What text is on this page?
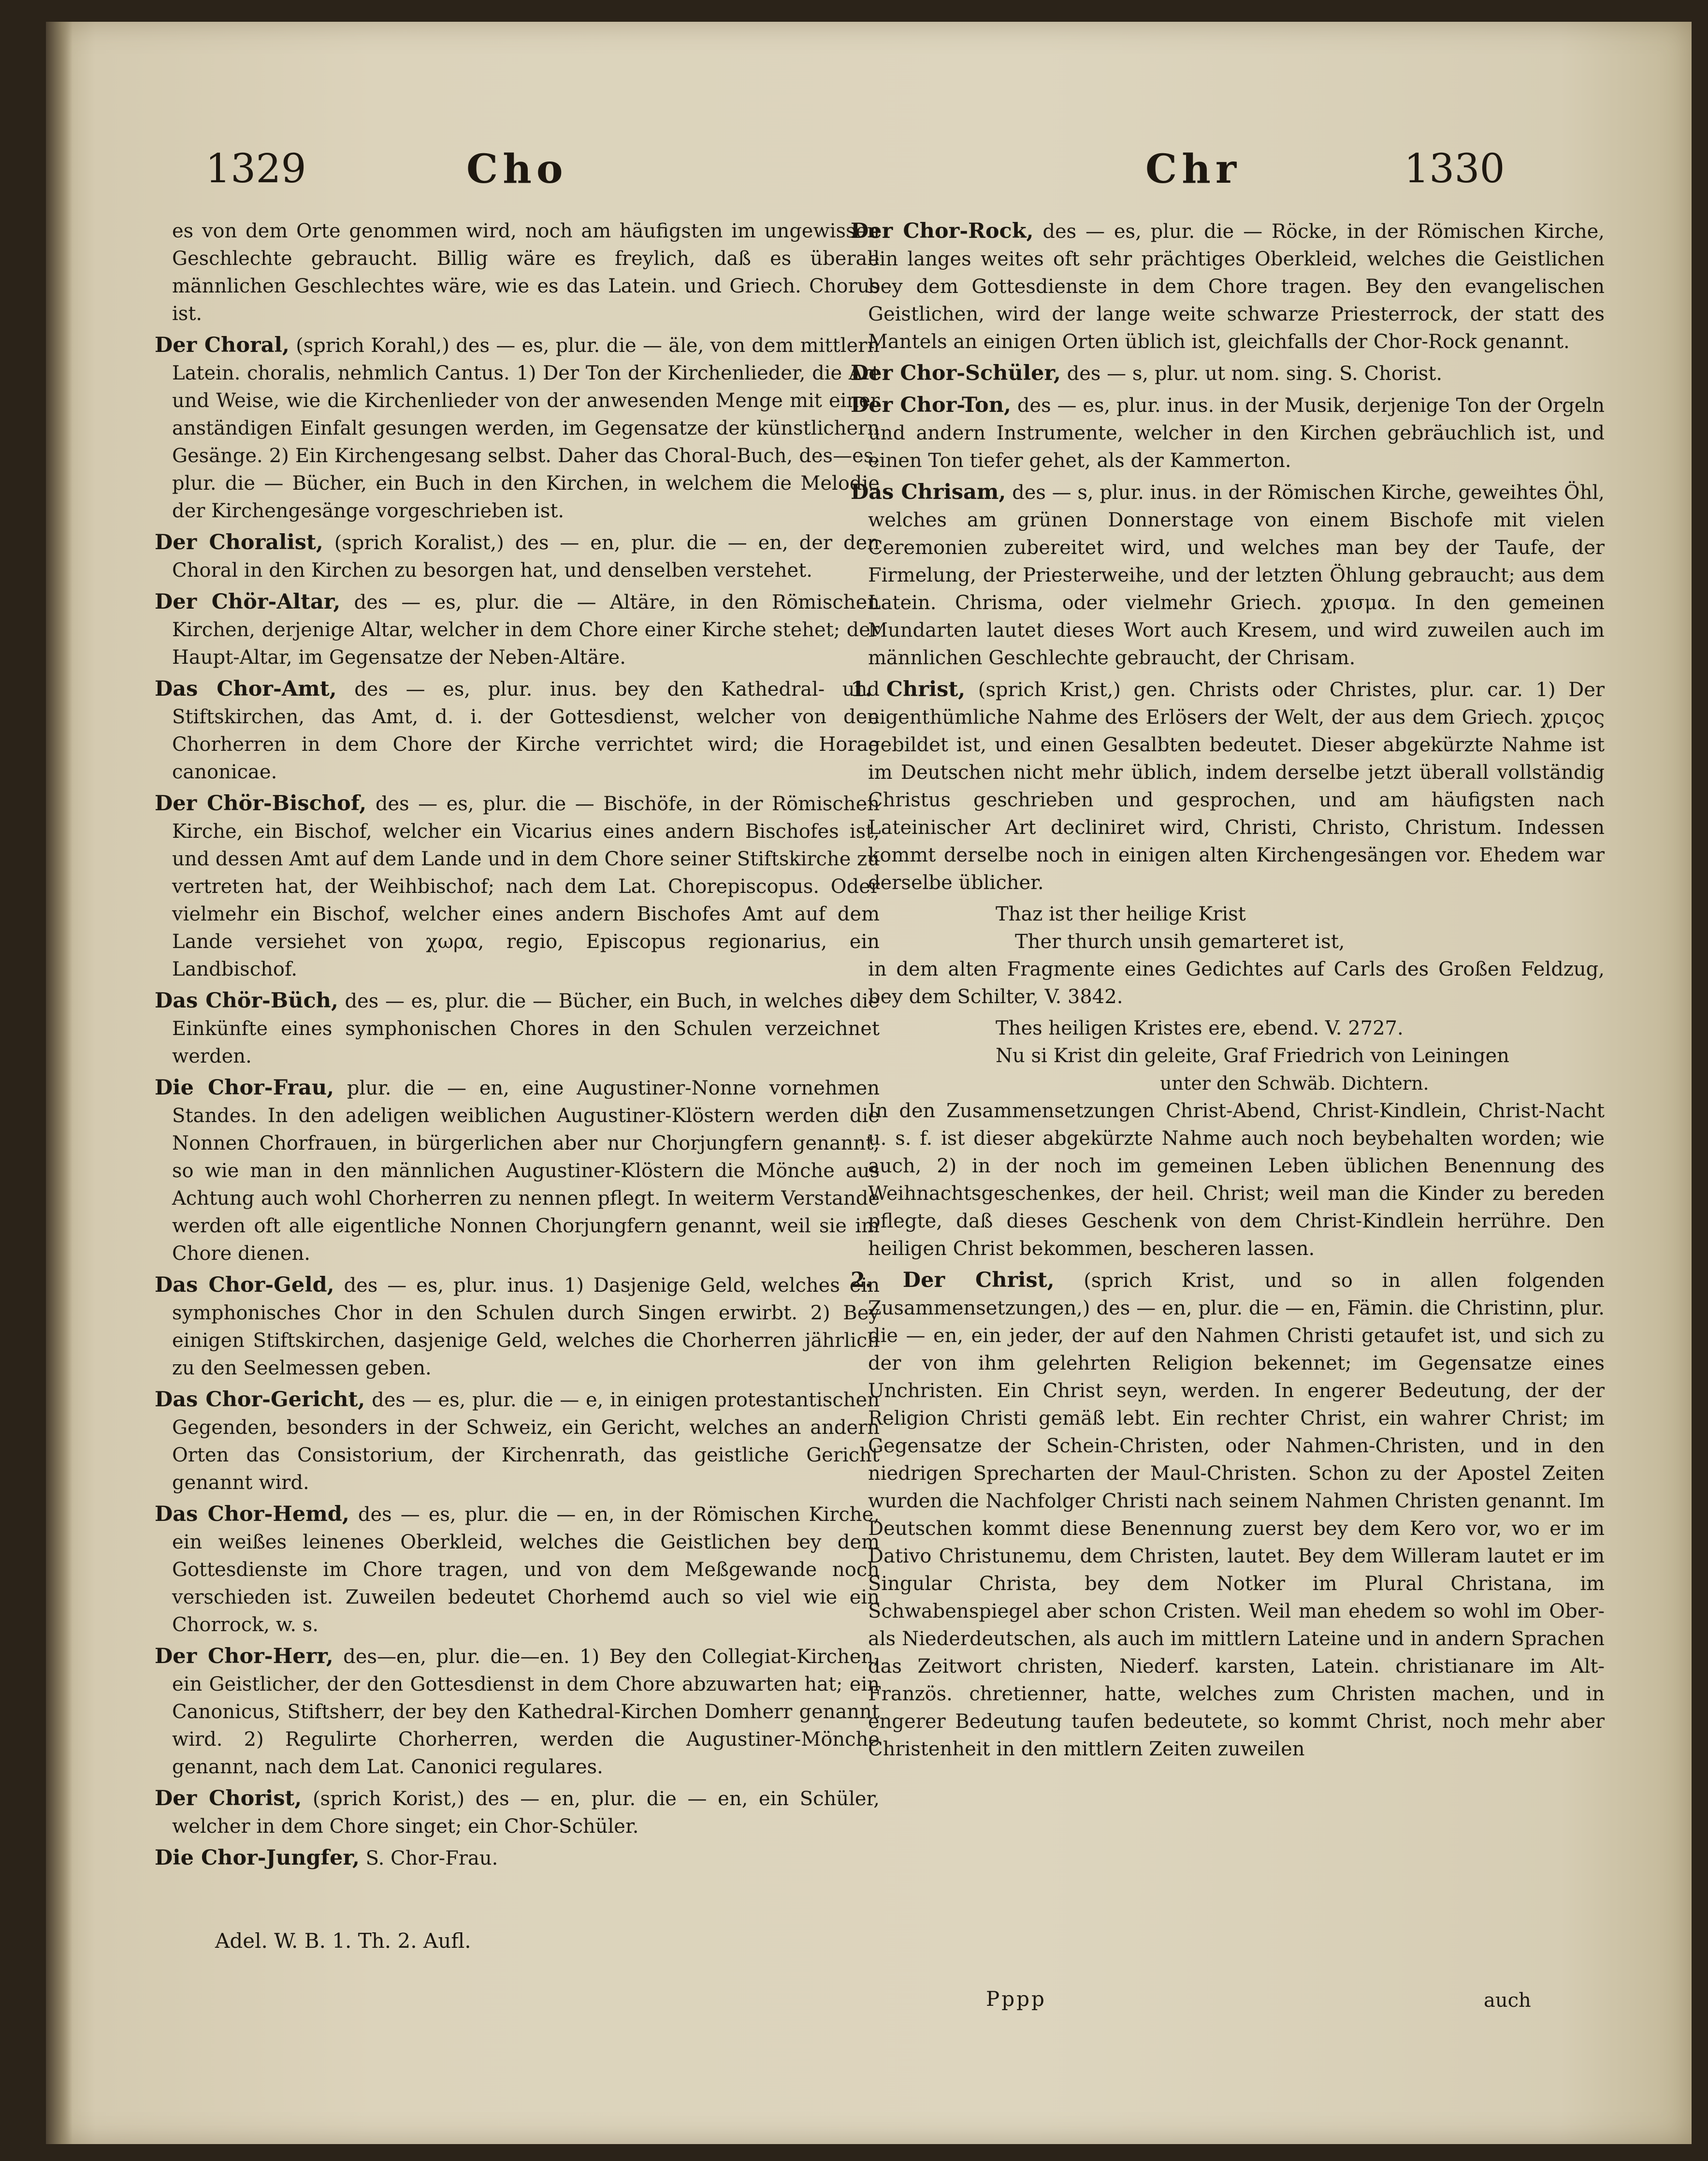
1329	Cho	Chr	1330

es von dem Orte genommen wird, noch am häufigsten im ungewissen Geschlechte gebraucht. Billig wäre es freylich, daß es überall männlichen Geschlechtes wäre, wie es das Latein. und Griech. Chorus ist.

Der Choral, (sprich Korahl,) des — es, plur. die — äle, von dem mittlern Latein. choralis, nehmlich Cantus. 1) Der Ton der Kirchenlieder, die Art und Weise, wie die Kirchenlieder von der anwesenden Menge mit einer anständigen Einfalt gesungen werden, im Gegensatze der künstlichern Gesänge. 2) Ein Kirchengesang selbst. Daher das Choral-Buch, des—es, plur. die — Bücher, ein Buch in den Kirchen, in welchem die Melodie der Kirchengesänge vorgeschrieben ist.

Der Choralist, (sprich Koralist,) des — en, plur. die — en, der den Choral in den Kirchen zu besorgen hat, und denselben verstehet.

Der Chör-Altar, des — es, plur. die — Altäre, in den Römischen Kirchen, derjenige Altar, welcher in dem Chore einer Kirche stehet; der Haupt-Altar, im Gegensatze der Neben-Altäre.

Das Chor-Amt, des — es, plur. inus. bey den Kathedral- und Stiftskirchen, das Amt, d. i. der Gottesdienst, welcher von den Chorherren in dem Chore der Kirche verrichtet wird; die Horae canonicae.

Der Chör-Bischof, des — es, plur. die — Bischöfe, in der Römischen Kirche, ein Bischof, welcher ein Vicarius eines andern Bischofes ist, und dessen Amt auf dem Lande und in dem Chore seiner Stiftskirche zu vertreten hat, der Weihbischof; nach dem Lat. Chorepiscopus. Oder vielmehr ein Bischof, welcher eines andern Bischofes Amt auf dem Lande versiehet von χωρα, regio, Episcopus regionarius, ein Landbischof.

Das Chör-Büch, des — es, plur. die — Bücher, ein Buch, in welches die Einkünfte eines symphonischen Chores in den Schulen verzeichnet werden.

Die Chor-Frau, plur. die — en, eine Augustiner-Nonne vornehmen Standes. In den adeligen weiblichen Augustiner-Klöstern werden die Nonnen Chorfrauen, in bürgerlichen aber nur Chorjungfern genannt, so wie man in den männlichen Augustiner-Klöstern die Mönche aus Achtung auch wohl Chorherren zu nennen pflegt. In weiterm Verstande werden oft alle eigentliche Nonnen Chorjungfern genannt, weil sie im Chore dienen.

Das Chor-Geld, des — es, plur. inus. 1) Dasjenige Geld, welches ein symphonisches Chor in den Schulen durch Singen erwirbt. 2) Bey einigen Stiftskirchen, dasjenige Geld, welches die Chorherren jährlich zu den Seelmessen geben.

Das Chor-Gericht, des — es, plur. die — e, in einigen protestantischen Gegenden, besonders in der Schweiz, ein Gericht, welches an andern Orten das Consistorium, der Kirchenrath, das geistliche Gericht genannt wird.

Das Chor-Hemd, des — es, plur. die — en, in der Römischen Kirche, ein weißes leinenes Oberkleid, welches die Geistlichen bey dem Gottesdienste im Chore tragen, und von dem Meßgewande noch verschieden ist. Zuweilen bedeutet Chorhemd auch so viel wie ein Chorrock, w. s.

Der Chor-Herr, des—en, plur. die—en. 1) Bey den Collegiat-Kirchen, ein Geistlicher, der den Gottesdienst in dem Chore abzuwarten hat; ein Canonicus, Stiftsherr, der bey den Kathedral-Kirchen Domherr genannt wird. 2) Regulirte Chorherren, werden die Augustiner-Mönche genannt, nach dem Lat. Canonici regulares.

Der Chorist, (sprich Korist,) des — en, plur. die — en, ein Schüler, welcher in dem Chore singet; ein Chor-Schüler.

Die Chor-Jungfer, S. Chor-Frau.

Der Chor-Rock, des — es, plur. die — Röcke, in der Römischen Kirche, ein langes weites oft sehr prächtiges Oberkleid, welches die Geistlichen bey dem Gottesdienste in dem Chore tragen. Bey den evangelischen Geistlichen, wird der lange weite schwarze Priesterrock, der statt des Mantels an einigen Orten üblich ist, gleichfalls der Chor-Rock genannt.

Der Chor-Schüler, des — s, plur. ut nom. sing. S. Chorist.

Der Chor-Ton, des — es, plur. inus. in der Musik, derjenige Ton der Orgeln und andern Instrumente, welcher in den Kirchen gebräuchlich ist, und einen Ton tiefer gehet, als der Kammerton.

Das Chrisam, des — s, plur. inus. in der Römischen Kirche, geweihtes Öhl, welches am grünen Donnerstage von einem Bischofe mit vielen Ceremonien zubereitet wird, und welches man bey der Taufe, der Firmelung, der Priesterweihe, und der letzten Öhlung gebraucht; aus dem Latein. Chrisma, oder vielmehr Griech. χρισμα. In den gemeinen Mundarten lautet dieses Wort auch Kresem, und wird zuweilen auch im männlichen Geschlechte gebraucht, der Chrisam.

1. Christ, (sprich Krist,) gen. Christs oder Christes, plur. car. 1) Der eigenthümliche Nahme des Erlösers der Welt, der aus dem Griech. χριςος gebildet ist, und einen Gesalbten bedeutet. Dieser abgekürzte Nahme ist im Deutschen nicht mehr üblich, indem derselbe jetzt überall vollständig Christus geschrieben und gesprochen, und am häufigsten nach Lateinischer Art decliniret wird, Christi, Christo, Christum. Indessen kommt derselbe noch in einigen alten Kirchengesängen vor. Ehedem war derselbe üblicher.

Thaz ist ther heilige Krist

Ther thurch unsih gemarteret ist,

in dem alten Fragmente eines Gedichtes auf Carls des Großen Feldzug, bey dem Schilter, V. 3842.

Thes heiligen Kristes ere, ebend. V. 2727.

Nu si Krist din geleite, Graf Friedrich von Leiningen

unter den Schwäb. Dichtern.

In den Zusammensetzungen Christ-Abend, Christ-Kindlein, Christ-Nacht u. s. f. ist dieser abgekürzte Nahme auch noch beybehalten worden; wie auch, 2) in der noch im gemeinen Leben üblichen Benennung des Weihnachtsgeschenkes, der heil. Christ; weil man die Kinder zu bereden pflegte, daß dieses Geschenk von dem Christ-Kindlein herrühre. Den heiligen Christ bekommen, bescheren lassen.

2. Der Christ, (sprich Krist, und so in allen folgenden Zusammensetzungen,) des — en, plur. die — en, Fämin. die Christinn, plur. die — en, ein jeder, der auf den Nahmen Christi getaufet ist, und sich zu der von ihm gelehrten Religion bekennet; im Gegensatze eines Unchristen. Ein Christ seyn, werden. In engerer Bedeutung, der der Religion Christi gemäß lebt. Ein rechter Christ, ein wahrer Christ; im Gegensatze der Schein-Christen, oder Nahmen-Christen, und in den niedrigen Sprecharten der Maul-Christen. Schon zu der Apostel Zeiten wurden die Nachfolger Christi nach seinem Nahmen Christen genannt. Im Deutschen kommt diese Benennung zuerst bey dem Kero vor, wo er im Dativo Christunemu, dem Christen, lautet. Bey dem Willeram lautet er im Singular Christa, bey dem Notker im Plural Christana, im Schwabenspiegel aber schon Cristen. Weil man ehedem so wohl im Ober- als Niederdeutschen, als auch im mittlern Lateine und in andern Sprachen das Zeitwort christen, Niederf. karsten, Latein. christianare im Alt-Französ. chretienner, hatte, welches zum Christen machen, und in engerer Bedeutung taufen bedeutete, so kommt Christ, noch mehr aber Christenheit in den mittlern Zeiten zuweilen

Adel. W. B. 1. Th. 2. Aufl.
Pppp	auch
